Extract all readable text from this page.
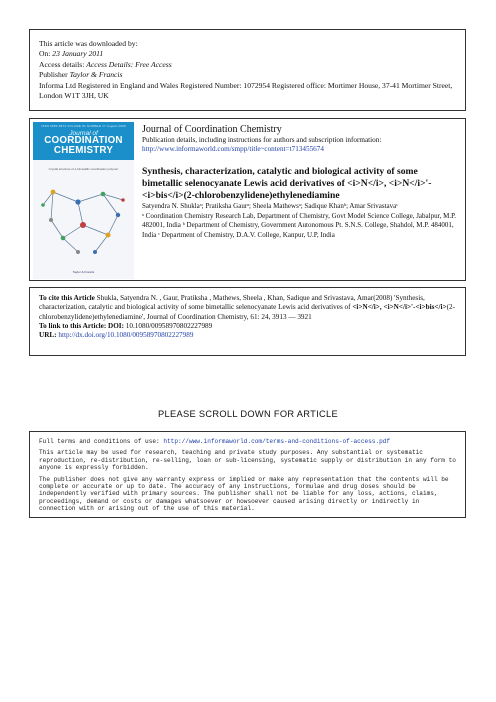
This article was downloaded by:
On: 23 January 2011
Access details: Access Details: Free Access
Publisher Taylor & Francis
Informa Ltd Registered in England and Wales Registered Number: 1072954 Registered office: Mortimer House, 37-41 Mortimer Street, London W1T 3JH, UK
ISSN 0095-8972 VOLUME 61 NUMBER 17 August 2008
Journal of
COORDINATION
CHEMISTRY
Crystal structure of a bimetallic coordination polymer
Taylor & Francis
Journal of Coordination Chemistry
Publication details, including instructions for authors and subscription information:
http://www.informaworld.com/smpp/title~content=t713455674
Synthesis, characterization, catalytic and biological activity of some bimetallic selenocyanate Lewis acid derivatives of <i>N</i>, <i>N</i>'-<i>bis</i>(2-chlorobenzylidene)ethylenediamine
Satyendra N. Shuklaᵃ; Pratiksha Gaurᵃ; Sheela Mathewsᵃ; Sadique Khanᵇ; Amar Srivastavaᶜ
ᵃ Coordination Chemistry Research Lab, Department of Chemistry, Govt Model Science College, Jabalpur, M.P. 482001, India ᵇ Department of Chemistry, Government Autonomous Pt. S.N.S. College, Shahdol, M.P. 484001, India ᶜ Department of Chemistry, D.A.V. College, Kanpur, U.P, India
To cite this Article Shukla, Satyendra N. , Gaur, Pratiksha , Mathews, Sheela , Khan, Sadique and Srivastava, Amar(2008) 'Synthesis, characterization, catalytic and biological activity of some bimetallic selenocyanate Lewis acid derivatives of <i>N</i>, <i>N</i>'-<i>bis</i>(2-chlorobenzylidene)ethylenediamine', Journal of Coordination Chemistry, 61: 24, 3913 — 3921
To link to this Article: DOI: 10.1080/00958970802227989
URL: http://dx.doi.org/10.1080/00958970802227989
PLEASE SCROLL DOWN FOR ARTICLE

Full terms and conditions of use: http://www.informaworld.com/terms-and-conditions-of-access.pdf

This article may be used for research, teaching and private study purposes. Any substantial or systematic reproduction, re-distribution, re-selling, loan or sub-licensing, systematic supply or distribution in any form to anyone is expressly forbidden.

The publisher does not give any warranty express or implied or make any representation that the contents will be complete or accurate or up to date. The accuracy of any instructions, formulae and drug doses should be independently verified with primary sources. The publisher shall not be liable for any loss, actions, claims, proceedings, demand or costs or damages whatsoever or howsoever caused arising directly or indirectly in connection with or arising out of the use of this material.
